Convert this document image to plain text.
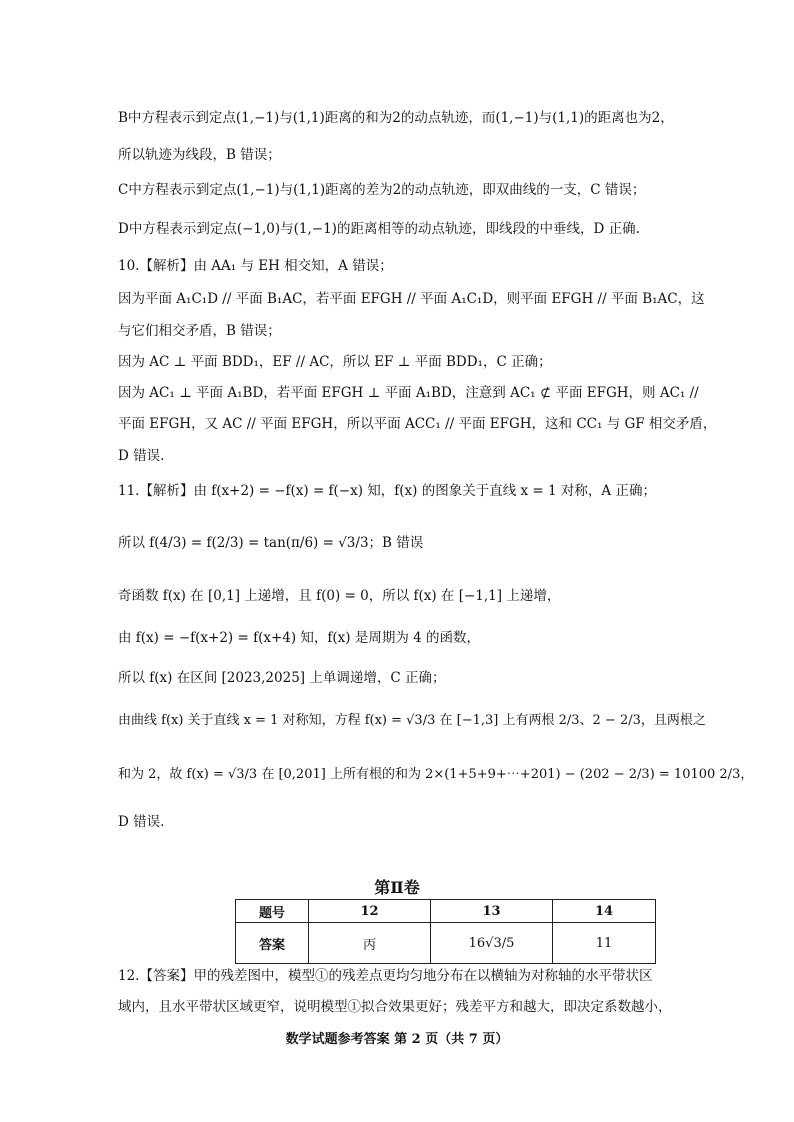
B中方程表示到定点(1,−1)与(1,1)距离的和为2的动点轨迹，而(1,−1)与(1,1)的距离也为2，
所以轨迹为线段，B 错误；
C中方程表示到定点(1,−1)与(1,1)距离的差为2的动点轨迹，即双曲线的一支，C 错误；
D中方程表示到定点(−1,0)与(1,−1)的距离相等的动点轨迹，即线段的中垂线，D 正确.
10.【解析】由 AA₁ 与 EH 相交知，A 错误；
因为平面 A₁C₁D // 平面 B₁AC，若平面 EFGH // 平面 A₁C₁D，则平面 EFGH // 平面 B₁AC，这
与它们相交矛盾，B 错误；
因为 AC ⊥ 平面 BDD₁，EF // AC，所以 EF ⊥ 平面 BDD₁，C 正确；
因为 AC₁ ⊥ 平面 A₁BD，若平面 EFGH ⊥ 平面 A₁BD，注意到 AC₁ ⊄ 平面 EFGH，则 AC₁ //
平面 EFGH，又 AC // 平面 EFGH，所以平面 ACC₁ // 平面 EFGH，这和 CC₁ 与 GF 相交矛盾，
D 错误.
11.【解析】由 f(x+2) = −f(x) = f(−x) 知，f(x) 的图象关于直线 x = 1 对称，A 正确；
所以 f(4/3) = f(2/3) = tan(π/6) = √3/3；B 错误
奇函数 f(x) 在 [0,1] 上递增，且 f(0) = 0，所以 f(x) 在 [−1,1] 上递增，
由 f(x) = −f(x+2) = f(x+4) 知，f(x) 是周期为 4 的函数，
所以 f(x) 在区间 [2023,2025] 上单调递增，C 正确；
由曲线 f(x) 关于直线 x = 1 对称知，方程 f(x) = √3/3 在 [−1,3] 上有两根 2/3、2 − 2/3，且两根之
和为 2，故 f(x) = √3/3 在 [0,201] 上所有根的和为 2×(1+5+9+⋯+201) − (202 − 2/3) = 10100 2/3，
D 错误.
第Ⅱ卷
题号	12	13	14
答案	丙	16√3/5	11
12.【答案】甲的残差图中，模型①的残差点更均匀地分布在以横轴为对称轴的水平带状区
域内，且水平带状区域更窄，说明模型①拟合效果更好；残差平方和越大，即决定系数越小，
数学试题参考答案 第 2 页（共 7 页）
